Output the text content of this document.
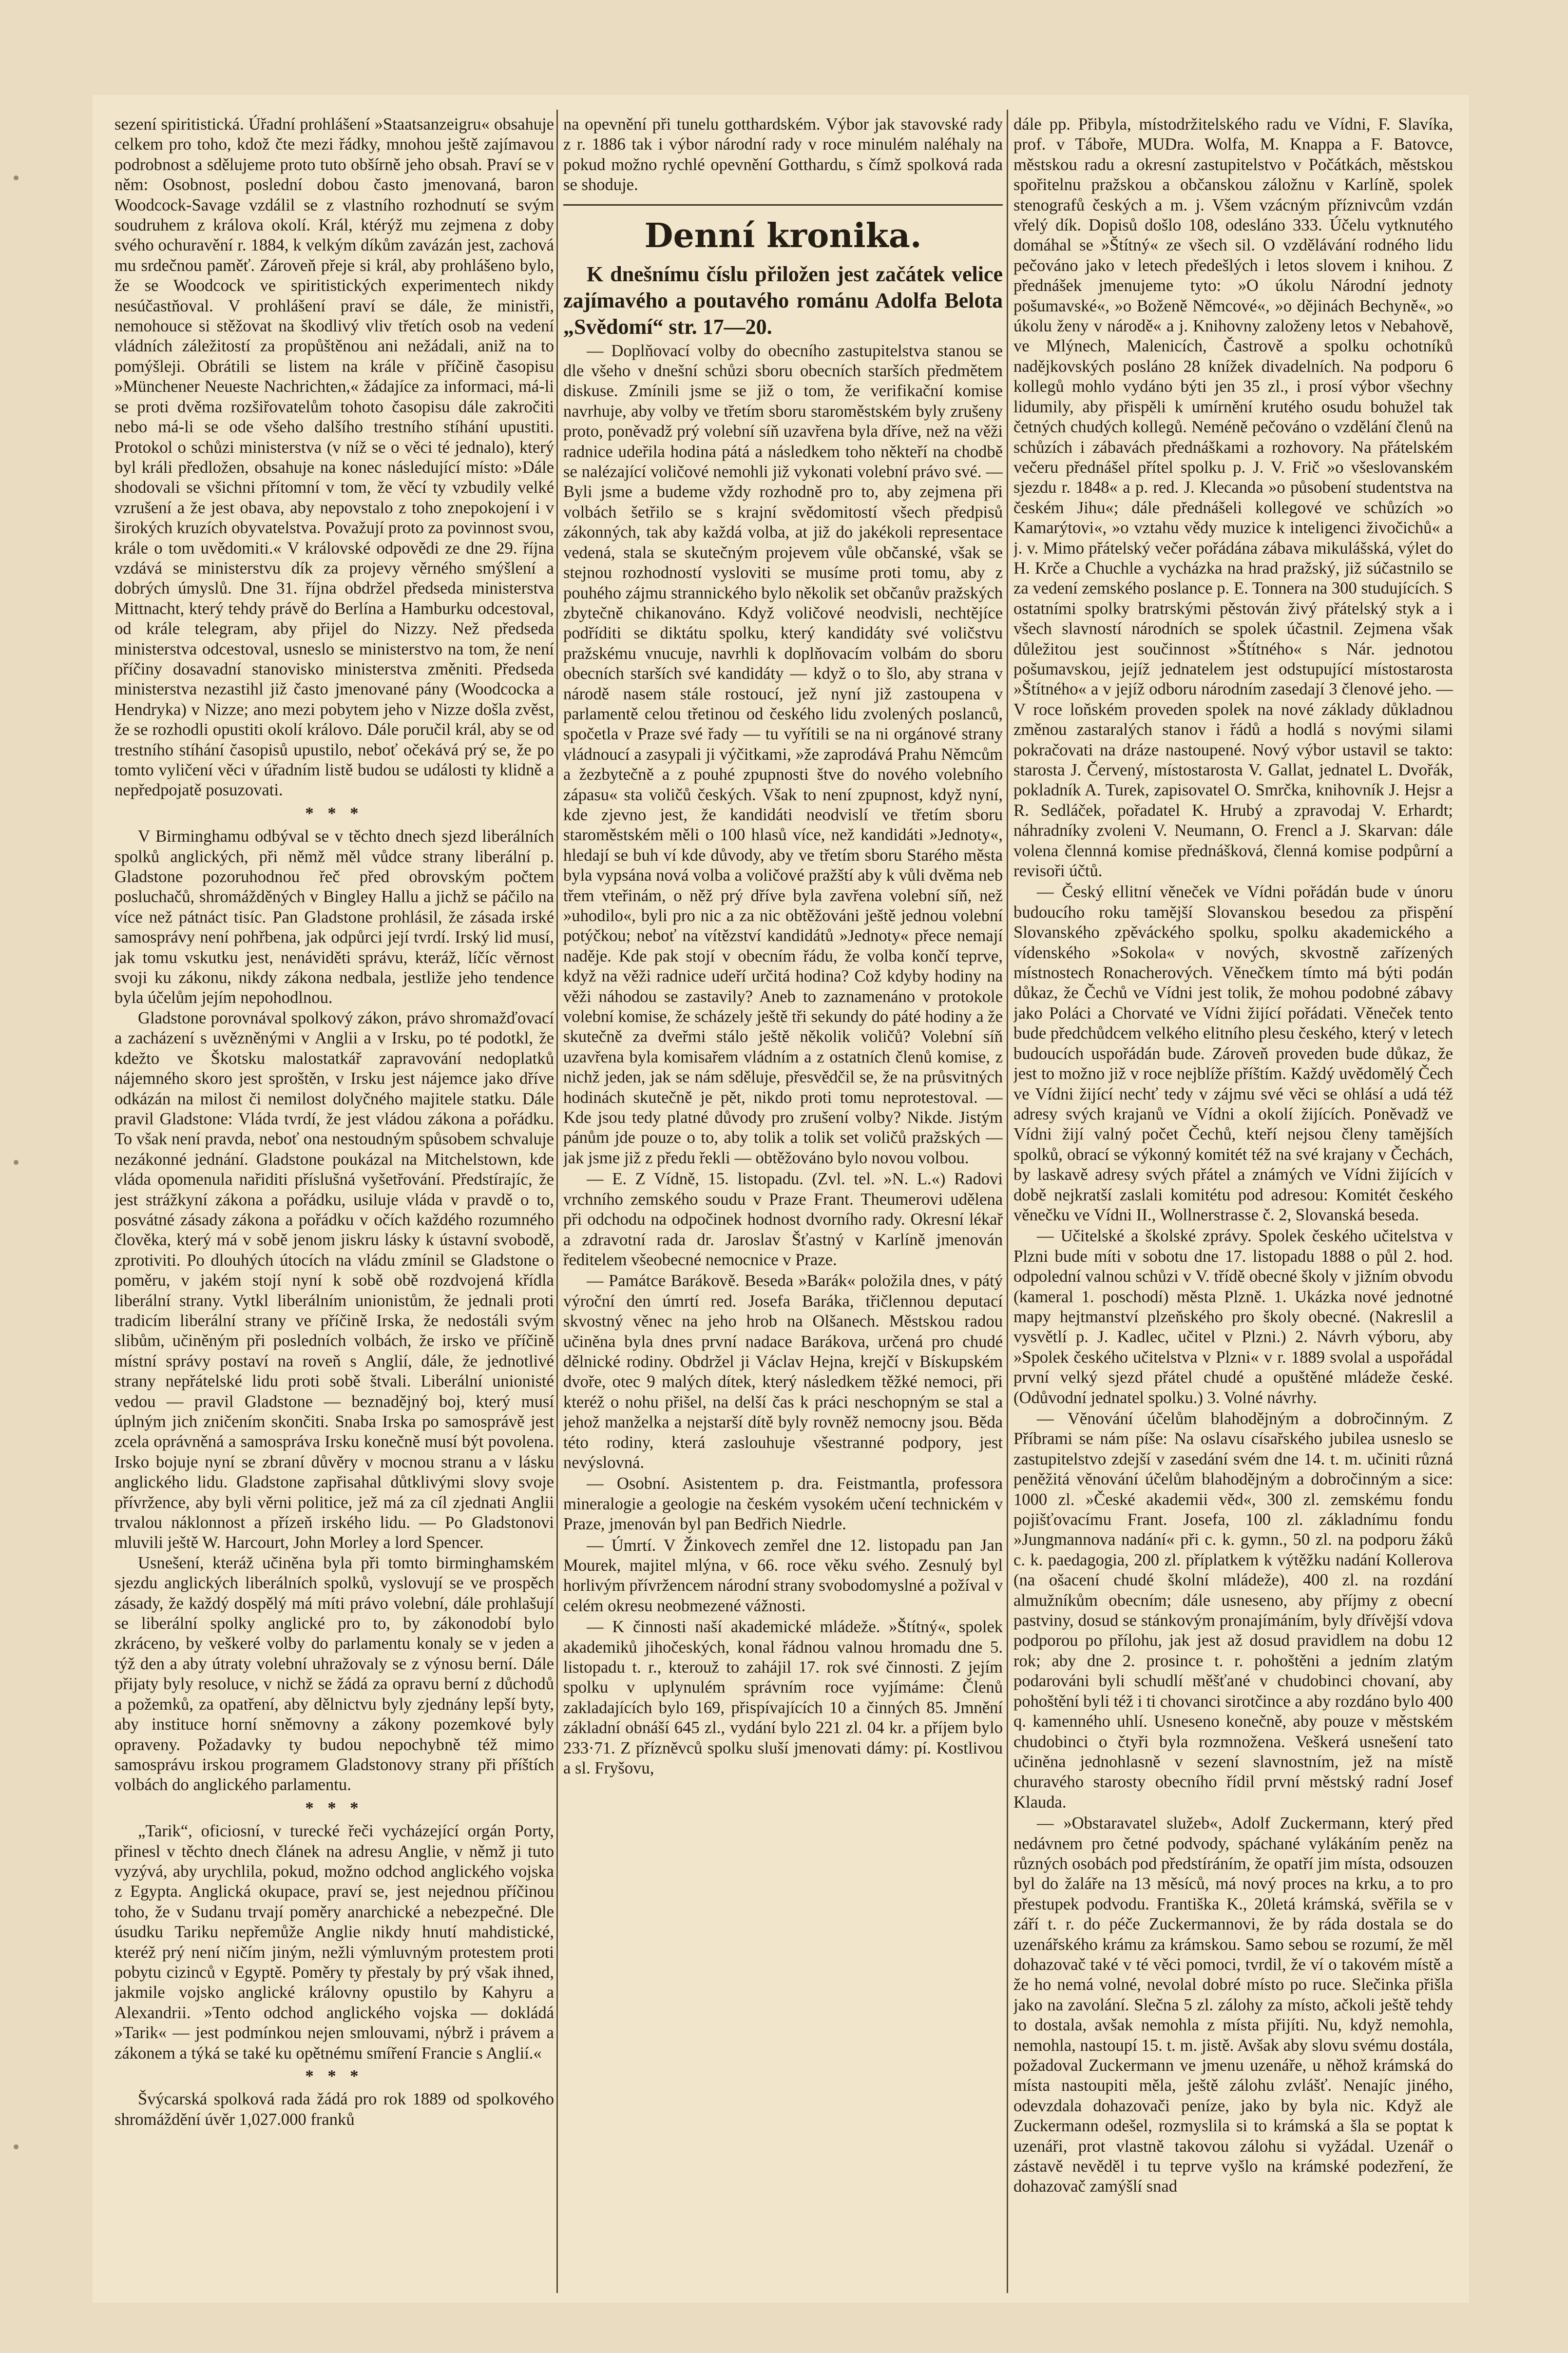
sezení spiritistická. Úřadní prohlášení »Staatsanzeigru« obsahuje celkem pro toho, kdož čte mezi řádky, mnohou ještě zajímavou podrobnost a sdělujeme proto tuto obšírně jeho obsah. Praví se v něm: Osobnost, poslední dobou často jmenovaná, baron Woodcock-Savage vzdálil se z vlastního rozhodnutí se svým soudruhem z králova okolí. Král, ktérýž mu zejmena z doby svého ochuravění r. 1884, k velkým díkům zavázán jest, zachová mu srdečnou paměť. Zároveň přeje si král, aby prohlášeno bylo, že se Woodcock ve spiritistických experimentech nikdy nesúčastňoval. V prohlášení praví se dále, že ministři, nemohouce si stěžovat na škodlivý vliv třetích osob na vedení vládních záležitostí za propůštěnou ani nežádali, aniž na to pomýšleji. Obrátili se listem na krále v příčině časopisu »Münchener Neueste Nachrichten,« žádajíce za informaci, má-li se proti dvěma rozšiřovatelům tohoto časopisu dále zakročiti nebo má-li se ode všeho dalšího trestního stíhání upustiti. Protokol o schůzi ministerstva (v níž se o věci té jednalo), který byl králi předložen, obsahuje na konec následující místo: »Dále shodovali se všichni přítomní v tom, že věcí ty vzbudily velké vzrušení a že jest obava, aby nepovstalo z toho znepokojení i v širokých kruzích obyvatelstva. Považují proto za povinnost svou, krále o tom uvědomiti.« V královské odpovědi ze dne 29. října vzdává se ministerstvu dík za projevy věrného smýšlení a dobrých úmyslů. Dne 31. října obdržel předseda ministerstva Mittnacht, který tehdy právě do Berlína a Hamburku odcestoval, od krále telegram, aby přijel do Nizzy. Než předseda ministerstva odcestoval, usneslo se ministerstvo na tom, že není příčiny dosavadní stanovisko ministerstva změniti. Předseda ministerstva nezastihl již často jmenované pány (Woodcocka a Hendryka) v Nizze; ano mezi pobytem jeho v Nizze došla zvěst, že se rozhodli opustiti okolí královo. Dále poručil král, aby se od trestního stíhání časopisů upustilo, neboť očekává prý se, že po tomto vyličení věci v úřadním listě budou se události ty klidně a nepředpojatě posuzovati.

* * *

V Birminghamu odbýval se v těchto dnech sjezd liberálních spolků anglických, při němž měl vůdce strany liberální p. Gladstone pozoruhodnou řeč před obrovským počtem posluchačů, shromážděných v Bingley Hallu a jichž se páčilo na více než pátnáct tisíc. Pan Gladstone prohlásil, že zásada irské samosprávy není pohřbena, jak odpůrci její tvrdí. Irský lid musí, jak tomu vskutku jest, nenáviděti správu, kteráž, líčíc věrnost svoji ku zákonu, nikdy zákona nedbala, jestliže jeho tendence byla účelům jejím nepohodlnou.

Gladstone porovnával spolkový zákon, právo shromažďovací a zacházení s uvězněnými v Anglii a v Irsku, po té podotkl, že kdežto ve Škotsku malostatkář zapravování nedoplatků nájemného skoro jest sproštěn, v Irsku jest nájemce jako dříve odkázán na milost či nemilost dolyčného majitele statku. Dále pravil Gladstone: Vláda tvrdí, že jest vládou zákona a pořádku. To však není pravda, neboť ona nestoudným spůsobem schvaluje nezákonné jednání. Gladstone poukázal na Mitchelstown, kde vláda opomenula nařiditi příslušná vyšetřování. Předstírajíc, že jest strážkyní zákona a pořádku, usiluje vláda v pravdě o to, posvátné zásady zákona a pořádku v očích každého rozumného člověka, který má v sobě jenom jiskru lásky k ústavní svobodě, zprotiviti. Po dlouhých útocích na vládu zmínil se Gladstone o poměru, v jakém stojí nyní k sobě obě rozdvojená křídla liberální strany. Vytkl liberálním unionistům, že jednali proti tradicím liberální strany ve příčině Irska, že nedostáli svým slibům, učiněným při posledních volbách, že irsko ve příčině místní správy postaví na roveň s Anglií, dále, že jednotlivé strany nepřátelské lidu proti sobě štvali. Liberální unionisté vedou — pravil Gladstone — beznadějný boj, který musí úplným jich zničením skončiti. Snaba Irska po samosprávě jest zcela oprávněná a samospráva Irsku konečně musí být povolena. Irsko bojuje nyní se zbraní důvěry v mocnou stranu a v lásku anglického lidu. Gladstone zapřisahal důtklivými slovy svoje přívržence, aby byli věrni politice, jež má za cíl zjednati Anglii trvalou náklonnost a přízeň irského lidu. — Po Gladstonovi mluvili ještě W. Harcourt, John Morley a lord Spencer.

Usnešení, kteráž učiněna byla při tomto birminghamském sjezdu anglických liberálních spolků, vyslovují se ve prospěch zásady, že každý dospělý má míti právo volební, dále prohlašují se liberální spolky anglické pro to, by zákonodobí bylo zkráceno, by veškeré volby do parlamentu konaly se v jeden a týž den a aby útraty volební uhražovaly se z výnosu berní. Dále přijaty byly resoluce, v nichž se žádá za opravu berní z důchodů a požemků, za opatření, aby dělnictvu byly zjednány lepší byty, aby instituce horní sněmovny a zákony pozemkové byly opraveny. Požadavky ty budou nepochybně též mimo samosprávu irskou programem Gladstonovy strany při příštích volbách do anglického parlamentu.

* * *

„Tarik“, oficiosní, v turecké řeči vycházející orgán Porty, přinesl v těchto dnech článek na adresu Anglie, v němž ji tuto vyzývá, aby urychlila, pokud, možno odchod anglického vojska z Egypta. Anglická okupace, praví se, jest nejednou příčinou toho, že v Sudanu trvají poměry anarchické a nebezpečné. Dle úsudku Tariku nepřemůže Anglie nikdy hnutí mahdistické, kteréž prý není ničím jiným, nežli výmluvným protestem proti pobytu cizinců v Egyptě. Poměry ty přestaly by prý však ihned, jakmile vojsko anglické královny opustilo by Kahyru a Alexandrii. »Tento odchod anglického vojska — dokládá »Tarik« — jest podmínkou nejen smlouvami, nýbrž i právem a zákonem a týká se také ku opětnému smíření Francie s Anglií.«

* * *

Švýcarská spolková rada žádá pro rok 1889 od spolkového shromáždění úvěr 1,027.000 franků

na opevnění při tunelu gotthardském. Výbor jak stavovské rady z r. 1886 tak i výbor národní rady v roce minulém naléhaly na pokud možno rychlé opevnění Gotthardu, s čímž spolková rada se shoduje.

Denní kronika.

K dnešnímu číslu přiložen jest začátek velice zajímavého a poutavého románu Adolfa Belota „Svědomí“ str. 17—20.

— Doplňovací volby do obecního zastupitelstva stanou se dle všeho v dnešní schůzi sboru obecních starších předmětem diskuse. Zmínili jsme se již o tom, že verifikační komise navrhuje, aby volby ve třetím sboru staroměstském byly zrušeny proto, poněvadž prý volební síň uzavřena byla dříve, než na věži radnice udeřila hodina pátá a následkem toho někteří na chodbě se nalézající voličové nemohli již vykonati volební právo své. — Byli jsme a budeme vždy rozhodně pro to, aby zejmena při volbách šetřilo se s krajní svědomitostí všech předpisů zákonných, tak aby každá volba, at již do jakékoli representace vedená, stala se skutečným projevem vůle občanské, však se stejnou rozhodností vysloviti se musíme proti tomu, aby z pouhého zájmu strannického bylo několik set občanův pražských zbytečně chikanováno. Když voličové neodvisli, nechtějíce podříditi se diktátu spolku, který kandidáty své voličstvu pražskému vnucuje, navrhli k doplňovacím volbám do sboru obecních starších své kandidáty — když o to šlo, aby strana v národě nasem stále rostoucí, jež nyní již zastoupena v parlamentě celou třetinou od českého lidu zvolených poslanců, spočetla v Praze své řady — tu vyřítili se na ni orgánové strany vládnoucí a zasypali ji výčitkami, »že zaprodává Prahu Němcům a žezbytečně a z pouhé zpupnosti štve do nového volebního zápasu« sta voličů českých. Však to není zpupnost, když nyní, kde zjevno jest, že kandidáti neodvislí ve třetím sboru staroměstském měli o 100 hlasů více, než kandidáti »Jednoty«, hledají se buh ví kde důvody, aby ve třetím sboru Starého města byla vypsána nová volba a voličové pražští aby k vůli dvěma neb třem vteřinám, o něž prý dříve byla zavřena volební síň, než »uhodilo«, byli pro nic a za nic obtěžováni ještě jednou volební potýčkou; neboť na vítězství kandidátů »Jednoty« přece nemají naděje. Kde pak stojí v obecním řádu, že volba končí teprve, když na věži radnice udeří určitá hodina? Což kdyby hodiny na věži náhodou se zastavily? Aneb to zaznamenáno v protokole volební komise, že scházely ještě tři sekundy do páté hodiny a že skutečně za dveřmi stálo ještě několik voličů? Volební síň uzavřena byla komisařem vládním a z ostatních členů komise, z nichž jeden, jak se nám sděluje, přesvědčil se, že na průsvitných hodinách skutečně je pět, nikdo proti tomu neprotestoval. — Kde jsou tedy platné důvody pro zrušení volby? Nikde. Jistým pánům jde pouze o to, aby tolik a tolik set voličů pražských — jak jsme již z předu řekli — obtěžováno bylo novou volbou.

— E. Z Vídně, 15. listopadu. (Zvl. tel. »N. L.«) Radovi vrchního zemského soudu v Praze Frant. Theumerovi udělena při odchodu na odpočinek hodnost dvorního rady. Okresní lékař a zdravotní rada dr. Jaroslav Šťastný v Karlíně jmenován ředitelem všeobecné nemocnice v Praze.

— Památce Barákově. Beseda »Barák« položila dnes, v pátý výroční den úmrtí red. Josefa Baráka, třičlennou deputací skvostný věnec na jeho hrob na Olšanech. Městskou radou učiněna byla dnes první nadace Barákova, určená pro chudé dělnické rodiny. Obdržel ji Václav Hejna, krejčí v Bískupském dvoře, otec 9 malých dítek, který následkem těžké nemoci, při kteréž o nohu přišel, na delší čas k práci neschopným se stal a jehož manželka a nejstarší dítě byly rovněž nemocny jsou. Běda této rodiny, která zaslouhuje všestranné podpory, jest nevýslovná.

— Osobní. Asistentem p. dra. Feistmantla, professora mineralogie a geologie na českém vysokém učení technickém v Praze, jmenován byl pan Bedřich Niedrle.

— Úmrtí. V Žinkovech zemřel dne 12. listopadu pan Jan Mourek, majitel mlýna, v 66. roce věku svého. Zesnulý byl horlivým přívržencem národní strany svobodomyslné a požíval v celém okresu neobmezené vážnosti.

— K činnosti naší akademické mládeže. »Štítný«, spolek akademiků jihočeských, konal řádnou valnou hromadu dne 5. listopadu t. r., kterouž to zahájil 17. rok své činnosti. Z jejím spolku v uplynulém správním roce vyjímáme: Členů zakladajících bylo 169, přispívajících 10 a činných 85. Jmnění základní obnáší 645 zl., vydání bylo 221 zl. 04 kr. a příjem bylo 233·71. Z přízněvců spolku sluší jmenovati dámy: pí. Kostlivou a sl. Fryšovu,

dále pp. Přibyla, místodržitelského radu ve Vídni, F. Slavíka, prof. v Táboře, MUDra. Wolfa, M. Knappa a F. Batovce, městskou radu a okresní zastupitelstvo v Počátkách, městskou spořitelnu pražskou a občanskou záložnu v Karlíně, spolek stenografů českých a m. j. Všem vzácným příznivcům vzdán vřelý dík. Dopisů došlo 108, odesláno 333. Účelu vytknutého domáhal se »Štítný« ze všech sil. O vzdělávání rodného lidu pečováno jako v letech předešlých i letos slovem i knihou. Z přednášek jmenujeme tyto: »O úkolu Národní jednoty pošumavské«, »o Boženě Němcové«, »o dějinách Bechyně«, »o úkolu ženy v národě« a j. Knihovny založeny letos v Nebahově, ve Mlýnech, Malenicích, Častrově a spolku ochotníků nadějkovských posláno 28 knížek divadelních. Na podporu 6 kollegů mohlo vydáno býti jen 35 zl., i prosí výbor všechny lidumily, aby přispěli k umírnění krutého osudu bohužel tak četných chudých kollegů. Neméně pečováno o vzdělání členů na schůzích i zábavách přednáškami a rozhovory. Na přátelském večeru přednášel přítel spolku p. J. V. Frič »o všeslovanském sjezdu r. 1848« a p. red. J. Klecanda »o působení studentstva na českém Jihu«; dále přednášeli kollegové ve schůzích »o Kamarýtovi«, »o vztahu vědy muzice k inteligenci živočichů« a j. v. Mimo přátelský večer pořádána zábava mikulášská, výlet do H. Krče a Chuchle a vycházka na hrad pražský, již súčastnilo se za vedení zemského poslance p. E. Tonnera na 300 studujících. S ostatními spolky bratrskými pěstován živý přátelský styk a i všech slavností národních se spolek účastnil. Zejmena však důležitou jest součinnost »Štítného« s Nár. jednotou pošumavskou, jejíž jednatelem jest odstupující místostarosta »Štítného« a v jejíž odboru národním zasedají 3 členové jeho. — V roce loňském proveden spolek na nové základy důkladnou změnou zastaralých stanov i řádů a hodlá s novými silami pokračovati na dráze nastoupené. Nový výbor ustavil se takto: starosta J. Červený, místostarosta V. Gallat, jednatel L. Dvořák, pokladník A. Turek, zapisovatel O. Smrčka, knihovník J. Hejsr a R. Sedláček, pořadatel K. Hrubý a zpravodaj V. Erhardt; náhradníky zvoleni V. Neumann, O. Frencl a J. Skarvan: dále volena člennná komise přednášková, členná komise podpůrní a revisoři účtů.

— Český ellitní věneček ve Vídni pořádán bude v únoru budoucího roku tamější Slovanskou besedou za přispění Slovanského zpěváckého spolku, spolku akademického a vídenského »Sokola« v nových, skvostně zařízených místnostech Ronacherových. Věnečkem tímto má býti podán důkaz, že Čechů ve Vídni jest tolik, že mohou podobné zábavy jako Poláci a Chorvaté ve Vídni žijící pořádati. Věneček tento bude předchůdcem velkého elitního plesu českého, který v letech budoucích uspořádán bude. Zároveň proveden bude důkaz, že jest to možno již v roce nejblíže příštím. Každý uvědomělý Čech ve Vídni žijící nechť tedy v zájmu své věci se ohlásí a udá též adresy svých krajanů ve Vídni a okolí žijících. Poněvadž ve Vídni žijí valný počet Čechů, kteří nejsou členy tamějších spolků, obrací se výkonný komitét též na své krajany v Čechách, by laskavě adresy svých přátel a známých ve Vídni žijících v době nejkratší zaslali komitétu pod adresou: Komitét českého věnečku ve Vídni II., Wollnerstrasse č. 2, Slovanská beseda.

— Učitelské a školské zprávy. Spolek českého učitelstva v Plzni bude míti v sobotu dne 17. listopadu 1888 o půl 2. hod. odpolední valnou schůzi v V. třídě obecné školy v jižním obvodu (kameral 1. poschodí) města Plzně. 1. Ukázka nové jednotné mapy hejtmanství plzeňského pro školy obecné. (Nakreslil a vysvětlí p. J. Kadlec, učitel v Plzni.) 2. Návrh výboru, aby »Spolek českého učitelstva v Plzni« v r. 1889 svolal a uspořádal první velký sjezd přátel chudé a opuštěné mládeže české. (Odůvodní jednatel spolku.) 3. Volné návrhy.

— Věnování účelům blahodějným a dobročinným. Z Příbrami se nám píše: Na oslavu císařského jubilea usneslo se zastupitelstvo zdejší v zasedání svém dne 14. t. m. učiniti různá peněžitá věnování účelům blahodějným a dobročinným a sice: 1000 zl. »České akademii věd«, 300 zl. zemskému fondu pojišťovacímu Frant. Josefa, 100 zl. základnímu fondu »Jungmannova nadání« při c. k. gymn., 50 zl. na podporu žáků c. k. paedagogia, 200 zl. příplatkem k výtěžku nadání Kollerova (na ošacení chudé školní mládeže), 400 zl. na rozdání almužníkům obecním; dále usneseno, aby příjmy z obecní pastviny, dosud se stánkovým pronajímáním, byly dřívější vdova podporou po přílohu, jak jest až dosud pravidlem na dobu 12 rok; aby dne 2. prosince t. r. pohoštěni a jedním zlatým podarováni byli schudlí měšťané v chudobinci chovaní, aby pohoštění byli též i ti chovanci sirotčince a aby rozdáno bylo 400 q. kamenného uhlí. Usneseno konečně, aby pouze v městském chudobinci o čtyři byla rozmnožena. Veškerá usnešení tato učiněna jednohlasně v sezení slavnostním, jež na místě churavého starosty obecního řídil první městský radní Josef Klauda.

— »Obstaravatel služeb«, Adolf Zuckermann, který před nedávnem pro četné podvody, spáchané vylákáním peněz na různých osobách pod předstíráním, že opatří jim místa, odsouzen byl do žaláře na 13 měsíců, má nový proces na krku, a to pro přestupek podvodu. Františka K., 20letá krámská, svěřila se v září t. r. do péče Zuckermannovi, že by ráda dostala se do uzenářského krámu za krámskou. Samo sebou se rozumí, že měl dohazovač také v té věci pomoci, tvrdil, že ví o takovém místě a že ho nemá volné, nevolal dobré místo po ruce. Slečinka přišla jako na zavolání. Slečna 5 zl. zálohy za místo, ačkoli ještě tehdy to dostala, avšak nemohla z místa přijíti. Nu, když nemohla, nemohla, nastoupí 15. t. m. jistě. Avšak aby slovu svému dostála, požadoval Zuckermann ve jmenu uzenáře, u něhož krámská do místa nastoupiti měla, ještě zálohu zvlášť. Nenajíc jiného, odevzdala dohazovači peníze, jako by byla nic. Když ale Zuckermann odešel, rozmyslila si to krámská a šla se poptat k uzenáři, prot vlastně takovou zálohu si vyžádal. Uzenář o zástavě nevěděl i tu teprve vyšlo na krámské podezření, že dohazovač zamýšlí snad
